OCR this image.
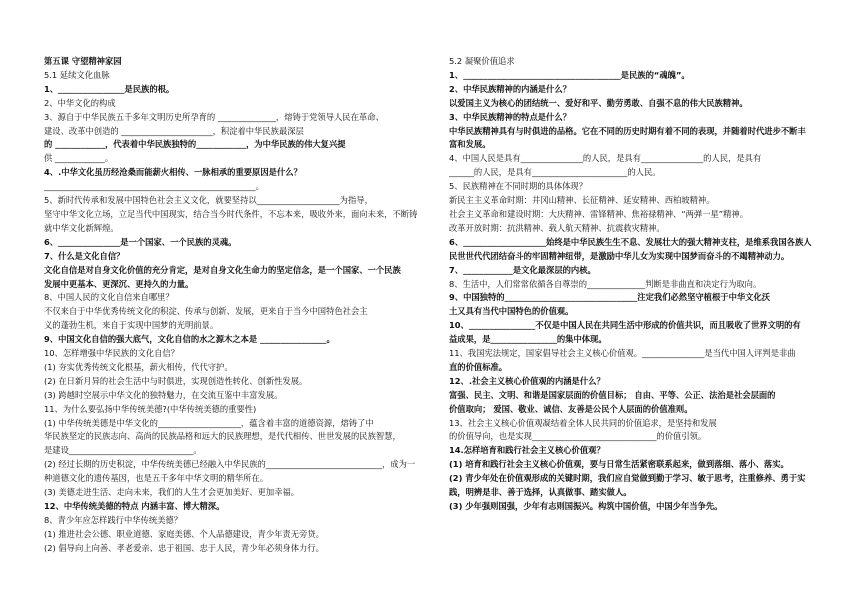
第五课 守望精神家园
5.1 延续文化血脉
1、________________是民族的根。
2、中华文化的构成
3、源自于中华民族五千多年文明历史所孕育的 ______________，熔铸于党领导人民在革命、
建设、改革中创造的 ______________________，积淀着中华民族最深层
的 ____________，代表着中华民族独特的____________，为中华民族的伟大复兴提
供 ____________。
4、.中华文化虽历经沧桑而能薪火相传、一脉相承的重要原因是什么？
___________________________________________________。
5、新时代传承和发展中国特色社会主义文化，就要坚持以____________________为指导，
坚守中华文化立场，立足当代中国现实，结合当今时代条件，不忘本来，吸收外来，面向未来，不断铸
就中华文化新辉煌。
6、_______________是一个国家、一个民族的灵魂。
7、什么是文化自信？
文化自信是对自身文化价值的充分肯定，是对自身文化生命力的坚定信念，是一个国家、一个民族
发展中更基本、更深沉、更持久的力量。
8、中国人民的文化自信来自哪里？
不仅来自于中华优秀传统文化的积淀、传承与创新、发展，更来自于当今中国特色社会主
义的蓬勃生机，来自于实现中国梦的光明前景。
9、中国文化自信的强大底气，文化自信的水之源木之本是 ________________。
10、怎样增强中华民族的文化自信？
(1) 夯实优秀传统文化根基，薪火相传，代代守护。
(2) 在日新月异的社会生活中与时俱进，实现创造性转化、创新性发展。
(3) 跨越时空展示中华文化的独特魅力，在交流互鉴中丰富发展。
11、为什么要弘扬中华传统美德?(中华传统美德的重要性)
(1) 中华传统美德是中华文化的____________________，蕴含着丰富的道德资源，熔铸了中
华民族坚定的民族志向、高尚的民族品格和远大的民族理想，是代代相传、世世发展的民族智慧，
是建设______________________________。
(2) 经过长期的历史积淀，中华传统美德已经融入中华民族的____________________________，成为一
种道德文化的遗传基因，也是五千多年中华文明的精华所在。
(3) 美德走进生活、走向未来，我们的人生才会更加美好、更加幸福。
12、中华传统美德的特点 内涵丰富、博大精深。
8、青少年应怎样践行中华传统美德？
(1) 推进社会公德、职业道德、家庭美德、个人品德建设，青少年责无旁贷。
(2) 倡导向上向善、孝老爱亲、忠于祖国、忠于人民，青少年必须身体力行。
5.2 凝聚价值追求
1、______________________________________是民族的“魂魄”。
2、中华民族精神的内涵是什么？
以爱国主义为核心的团结统一、爱好和平、勤劳勇敢、自强不息的伟大民族精神。
3、中华民族精神的特点是什么？
中华民族精神具有与时俱进的品格。它在不同的历史时期有着不同的表现，并随着时代进步不断丰
富和发展。
4、中国人民是具有_______________的人民，是具有_______________的人民，是具有
______的人民，是具有_______________________的人民。
5、民族精神在不同时期的具体体现？
新民主主义革命时期：井冈山精神、长征精神、延安精神、西柏坡精神。
社会主义革命和建设时期：大庆精神、雷锋精神、焦裕禄精神、“两弹一星”精神。
改革开放时期：抗洪精神、载人航天精神、抗震救灾精神。
6、____________________始终是中华民族生生不息、发展壮大的强大精神支柱，是维系我国各族人
民世世代代团结奋斗的牢固精神纽带，是激励中华儿女为实现中国梦而奋斗的不竭精神动力。
7、____________是文化最深层的内核。
8、生活中，人们常常依循各自尊崇的______________判断是非曲直和决定行为取向。
9、中国独特的________________________________注定我们必然坚守植根于中华文化沃
土又具有当代中国特色的价值观。
10、________________不仅是中国人民在共同生活中形成的价值共识，而且吸收了世界文明的有
益成果，是________________的集中体现。
11、我国宪法规定，国家倡导社会主义核心价值观。_______________是当代中国人评判是非曲
直的价值标准。
12、.社会主义核心价值观的内涵是什么？
富强、民主、文明、和谐是国家层面的价值目标； 自由、平等、公正、法治是社会层面的
价值取向； 爱国、敬业、诚信、友善是公民个人层面的价值准则。
13、社会主义核心价值观凝结着全体人民共同的价值追求，是坚持和发展
的价值导向，也是实现______________________________的价值引领。
14.怎样培育和践行社会主义核心价值观？
(1) 培育和践行社会主义核心价值观，要与日常生活紧密联系起来，做到落细、落小、落实。
(2) 青少年处在价值观形成的关键时期，我们应自觉做到勤于学习、敏于思考，注重修养、勇于实
践，明辨是非、善于选择，认真做事、踏实做人。
(3) 少年强则国强，少年有志则国振兴。构筑中国价值，中国少年当争先。
